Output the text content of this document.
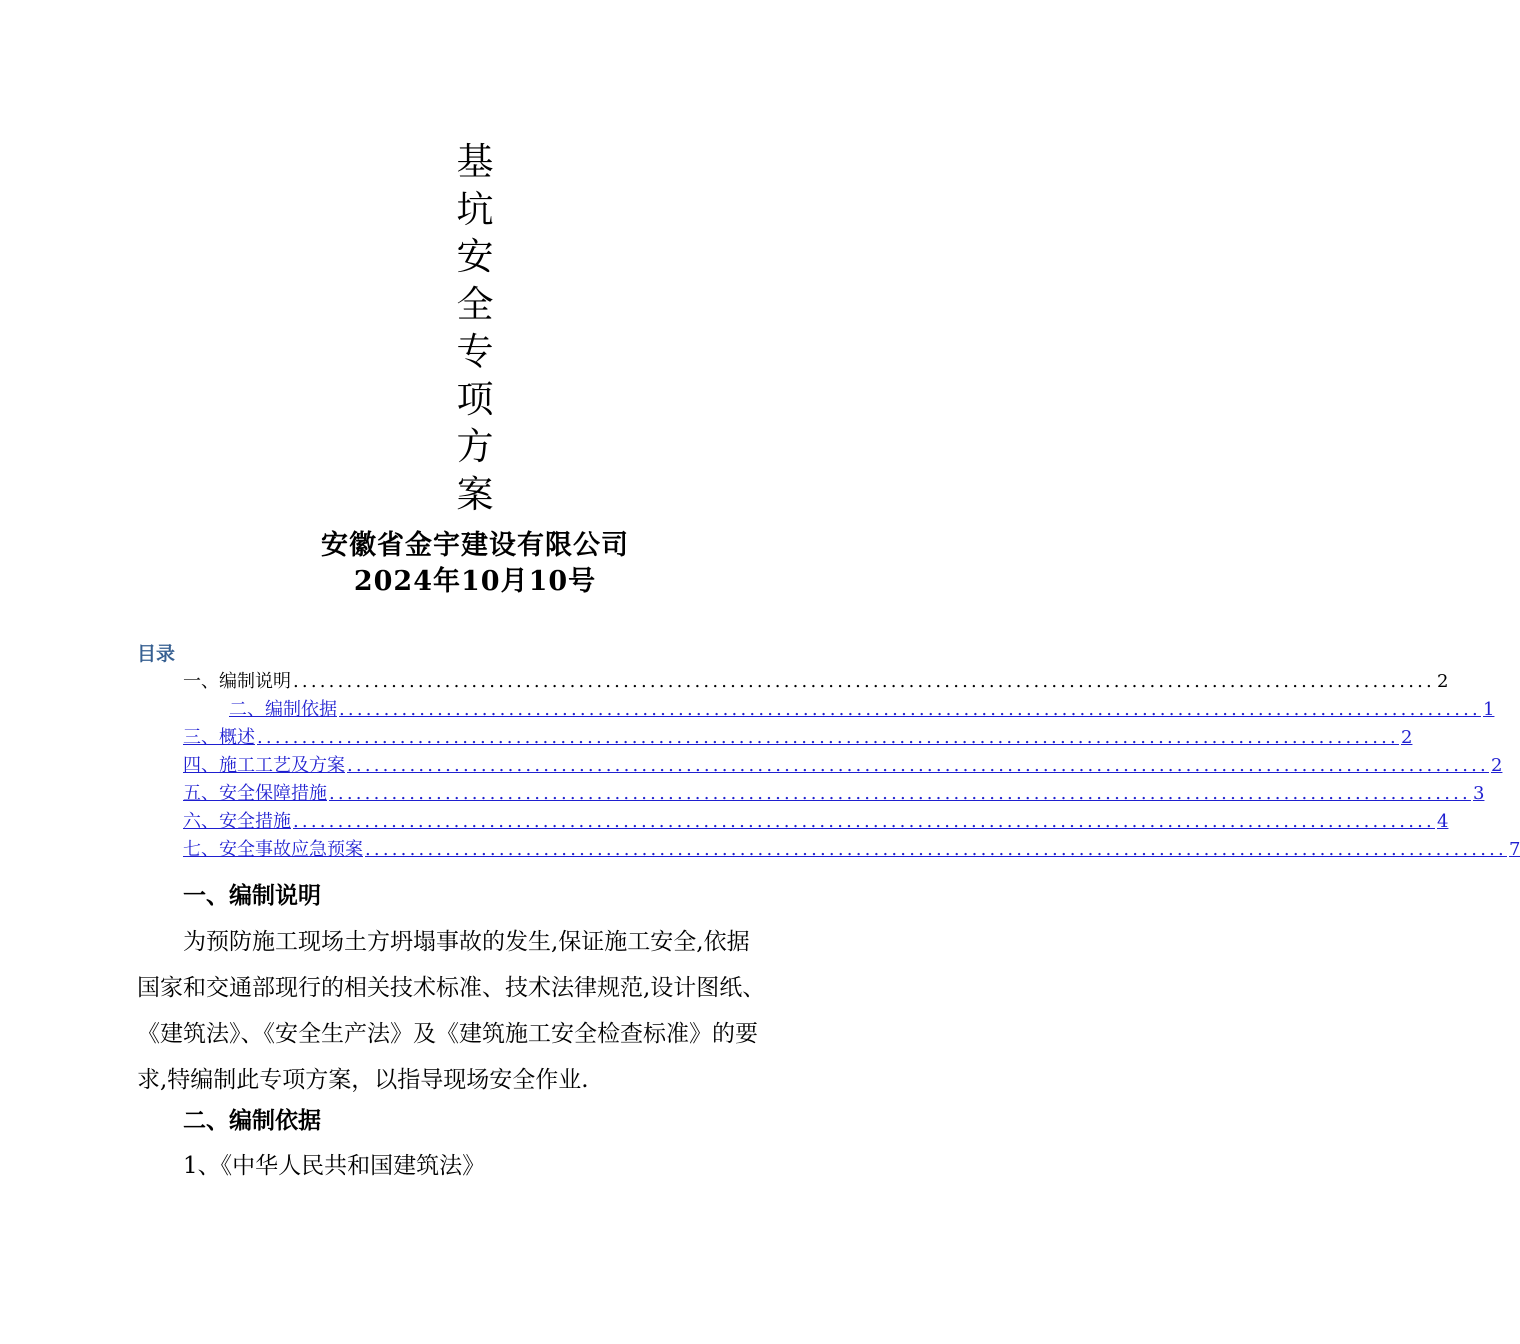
基
坑
安
全
专
项
方
案
安徽省金宇建设有限公司
2024年10月10号
目录
一、 编制说明 ................................................................................................................................ 2
二、 编制依据 ................................................................................................................................ 1
三、 概述 ................................................................................................................................ 2
四、 施工工艺及方案 ................................................................................................................................ 2
五、 安全保障措施 ................................................................................................................................ 3
六、 安全措施 ................................................................................................................................ 4
七、 安全事故应急预案 ................................................................................................................................ 7
一、编制说明
为预防施工现场土方坍塌事故的发生,保证施工安全,依据
国家和交通部现行的相关技术标准、技术法律规范,设计图纸、
《建筑法》、《安全生产法》及《建筑施工安全检查标准》的要
求,特编制此专项方案，以指导现场安全作业.
二、编制依据
1、《中华人民共和国建筑法》
